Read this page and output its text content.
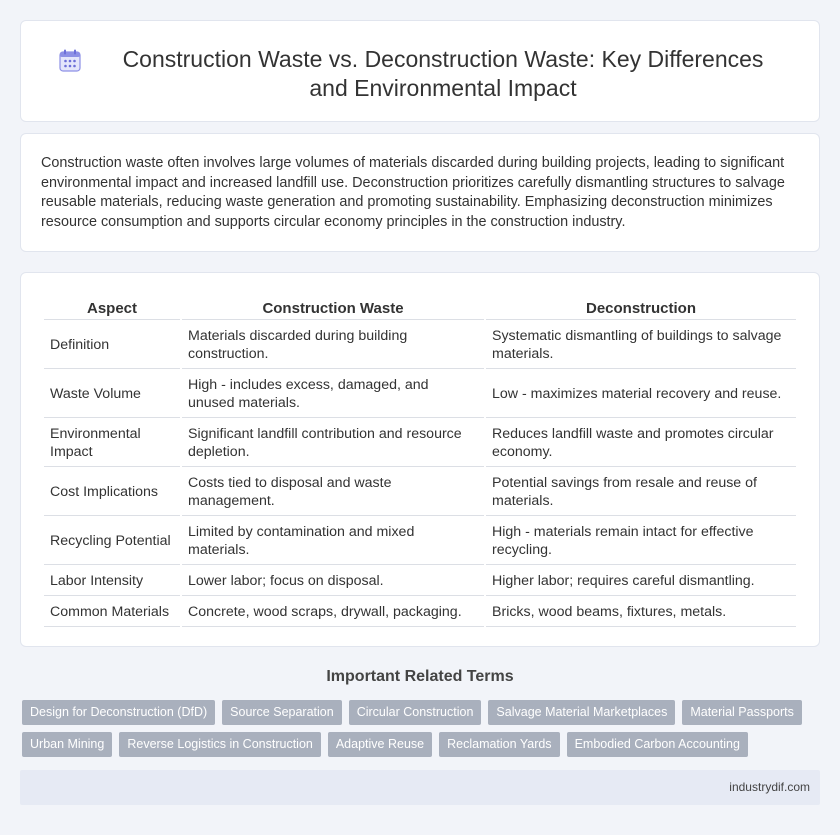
Construction Waste vs. Deconstruction Waste: Key Differences and Environmental Impact

Construction waste often involves large volumes of materials discarded during building projects, leading to significant environmental impact and increased landfill use. Deconstruction prioritizes carefully dismantling structures to salvage reusable materials, reducing waste generation and promoting sustainability. Emphasizing deconstruction minimizes resource consumption and supports circular economy principles in the construction industry.

Aspect	Construction Waste	Deconstruction
Definition	Materials discarded during building construction.	Systematic dismantling of buildings to salvage materials.
Waste Volume	High - includes excess, damaged, and unused materials.	Low - maximizes material recovery and reuse.
Environmental Impact	Significant landfill contribution and resource depletion.	Reduces landfill waste and promotes circular economy.
Cost Implications	Costs tied to disposal and waste management.	Potential savings from resale and reuse of materials.
Recycling Potential	Limited by contamination and mixed materials.	High - materials remain intact for effective recycling.
Labor Intensity	Lower labor; focus on disposal.	Higher labor; requires careful dismantling.
Common Materials	Concrete, wood scraps, drywall, packaging.	Bricks, wood beams, fixtures, metals.
Important Related Terms
Design for Deconstruction (DfD)	Source Separation	Circular Construction	Salvage Material Marketplaces	Material Passports
Urban Mining	Reverse Logistics in Construction	Adaptive Reuse	Reclamation Yards	Embodied Carbon Accounting
industrydif.com
